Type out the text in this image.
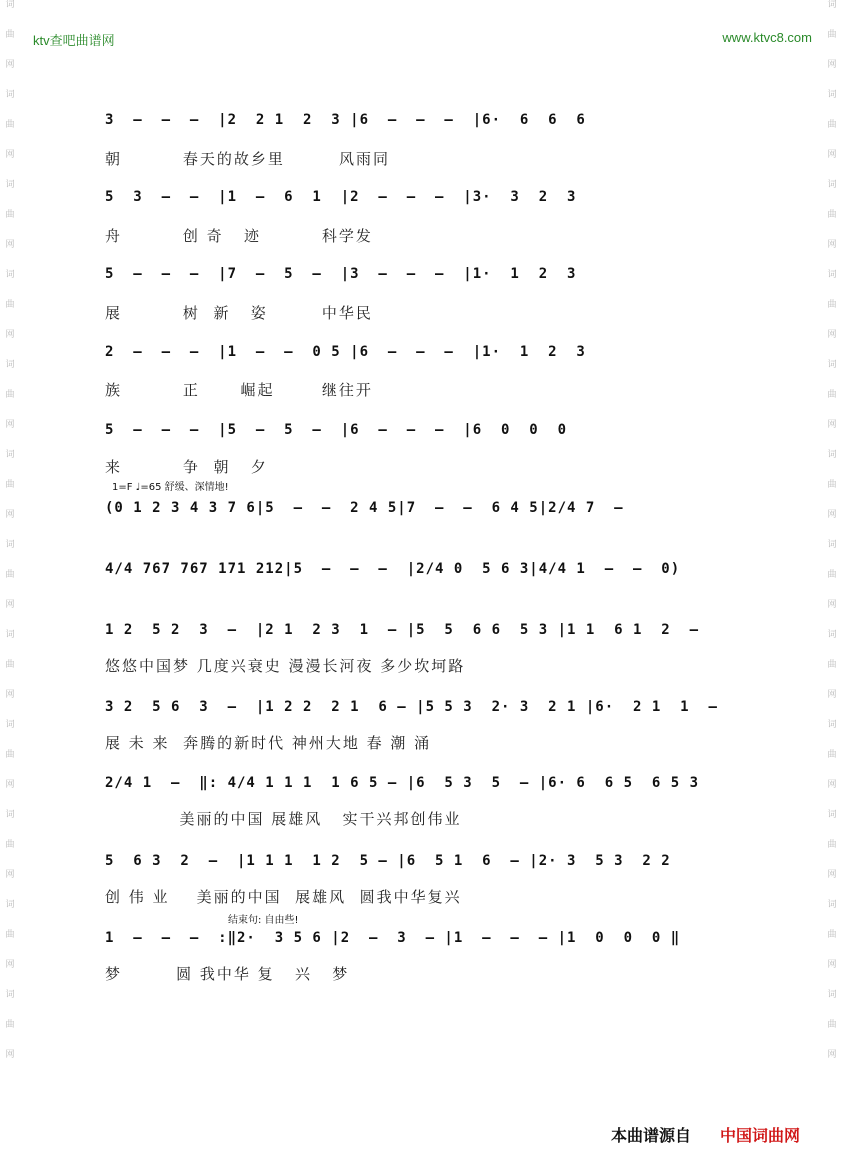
词
曲
网
词
曲
网
词
曲
网
词
曲
网
词
曲
网
词
曲
网
词
曲
网
词
曲
网
词
曲
网
词
曲
网
词
曲
网
词
曲
网
词
曲
网
词
曲
网
词
曲
网
词
曲
网
词
曲
网
词
曲
网
词
曲
网
词
曲
网
词
曲
网
词
曲
网
词
曲
网
词
曲
网
ktv查吧曲谱网	www.ktvc8.com
3  –  –  –  |2  2 1  2  3 |6  –  –  –  |6·  6  6  6
朝         春天的故乡里        风雨同
5  3  –  –  |1  –  6  1  |2  –  –  –  |3·  3  2  3
舟         创 奇   迹         科学发
5  –  –  –  |7  –  5  –  |3  –  –  –  |1·  1  2  3
展         树  新   姿        中华民
2  –  –  –  |1  –  –  0 5 |6  –  –  –  |1·  1  2  3
族         正      崛起       继往开
5  –  –  –  |5  –  5  –  |6  –  –  –  |6  0  0  0
来         争  朝   夕
1=F ♩=65 舒缓、深情地!
(0 1 2 3 4 3 7 6|5  –  –  2 4 5|7  –  –  6 4 5|2/4 7  –
4/4 767 767 171 212|5  –  –  –  |2/4 0  5 6 3|4/4 1  –  –  0)
1 2  5 2  3  –  |2 1  2 3  1  – |5  5  6 6  5 3 |1 1  6 1  2  –
悠悠中国梦 几度兴衰史 漫漫长河夜 多少坎坷路
3 2  5 6  3  –  |1 2 2  2 1  6 – |5 5 3  2· 3  2 1 |6·  2 1  1  –
展 未 来  奔腾的新时代 神州大地 春 潮 涌
2/4 1  –  ‖: 4/4 1 1 1  1 6 5 – |6  5 3  5  – |6· 6  6 5  6 5 3
美丽的中国 展雄风   实干兴邦创伟业
5  6 3  2  –  |1 1 1  1 2  5 – |6  5 1  6  – |2· 3  5 3  2 2
创 伟 业    美丽的中国  展雄风  圆我中华复兴
结束句: 自由些!
1  –  –  –  :‖2·  3 5 6 |2  –  3  – |1  –  –  – |1  0  0  0 ‖
梦        圆 我中华 复   兴   梦
本曲谱源自 中国词曲网
